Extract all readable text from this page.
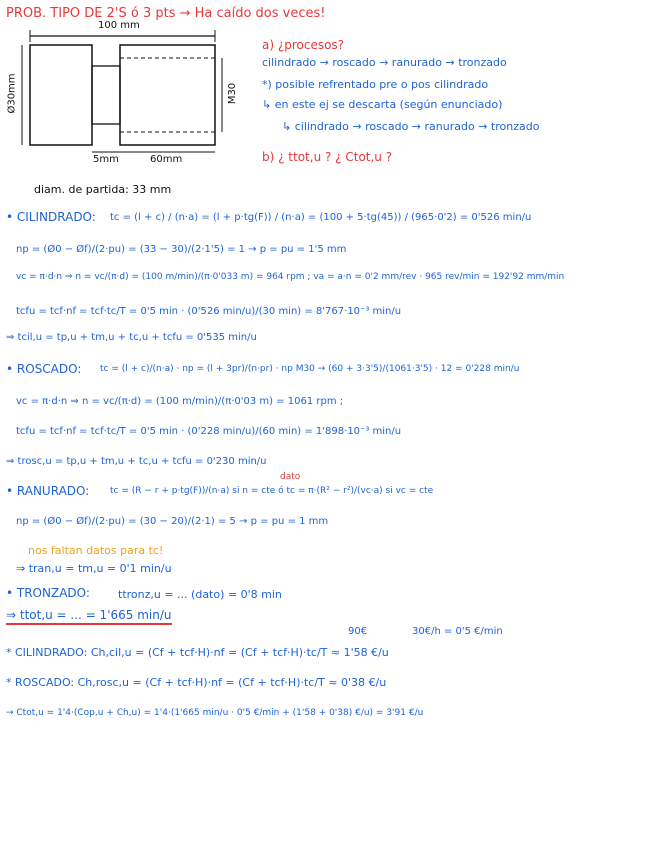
PROB. TIPO DE 2'S ó 3 pts → Ha caído dos veces!
100 mm
Ø30mm	M30
5mm	60mm
a) ¿procesos?
cilindrado → roscado → ranurado → tronzado
*) posible refrentado pre o pos cilindrado
↳ en este ej se descarta (según enunciado)
↳ cilindrado → roscado → ranurado → tronzado
b) ¿ ttot,u ? ¿ Ctot,u ?
diam. de partida: 33 mm
• CILINDRADO: tc = (l + c) / (n·a) = (l + p·tg(F)) / (n·a) = (100 + 5·tg(45)) / (965·0'2) = 0'526 min/u
np = (Ø0 − Øf)/(2·pu) = (33 − 30)/(2·1'5) = 1 → p = pu = 1'5 mm
vc = π·d·n ⇒ n = vc/(π·d) = (100 m/min)/(π·0'033 m) = 964 rpm ; va = a·n = 0'2 mm/rev · 965 rev/min = 192'92 mm/min
tcfu = tcf·nf = tcf·tc/T = 0'5 min · (0'526 min/u)/(30 min) = 8'767·10⁻³ min/u
⇒ tcil,u = tp,u + tm,u + tc,u + tcfu = 0'535 min/u
• ROSCADO: tc = (l + c)/(n·a) · np = (l + 3pr)/(n·pr) · np M30 → (60 + 3·3'5)/(1061·3'5) · 12 = 0'228 min/u
vc = π·d·n ⇒ n = vc/(π·d) = (100 m/min)/(π·0'03 m) = 1061 rpm ;
tcfu = tcf·nf = tcf·tc/T = 0'5 min · (0'228 min/u)/(60 min) = 1'898·10⁻³ min/u
⇒ trosc,u = tp,u + tm,u + tc,u + tcfu = 0'230 min/u
• RANURADO:
dato
tc = (R − r + p·tg(F))/(n·a) si n = cte ó tc = π·(R² − r²)/(vc·a) si vc = cte
np = (Ø0 − Øf)/(2·pu) = (30 − 20)/(2·1) = 5 → p = pu = 1 mm
nos faltan datos para tc!
⇒ tran,u = tm,u = 0'1 min/u
• TRONZADO:	ttronz,u = ... (dato) = 0'8 min
⇒ ttot,u = ... = 1'665 min/u
90€	30€/h = 0'5 €/min
* CILINDRADO: Ch,cil,u = (Cf + tcf·H)·nf = (Cf + tcf·H)·tc/T ≈ 1'58 €/u
* ROSCADO: Ch,rosc,u = (Cf + tcf·H)·nf = (Cf + tcf·H)·tc/T ≈ 0'38 €/u
→ Ctot,u = 1'4·(Cop,u + Ch,u) = 1'4·(1'665 min/u · 0'5 €/min + (1'58 + 0'38) €/u) = 3'91 €/u
